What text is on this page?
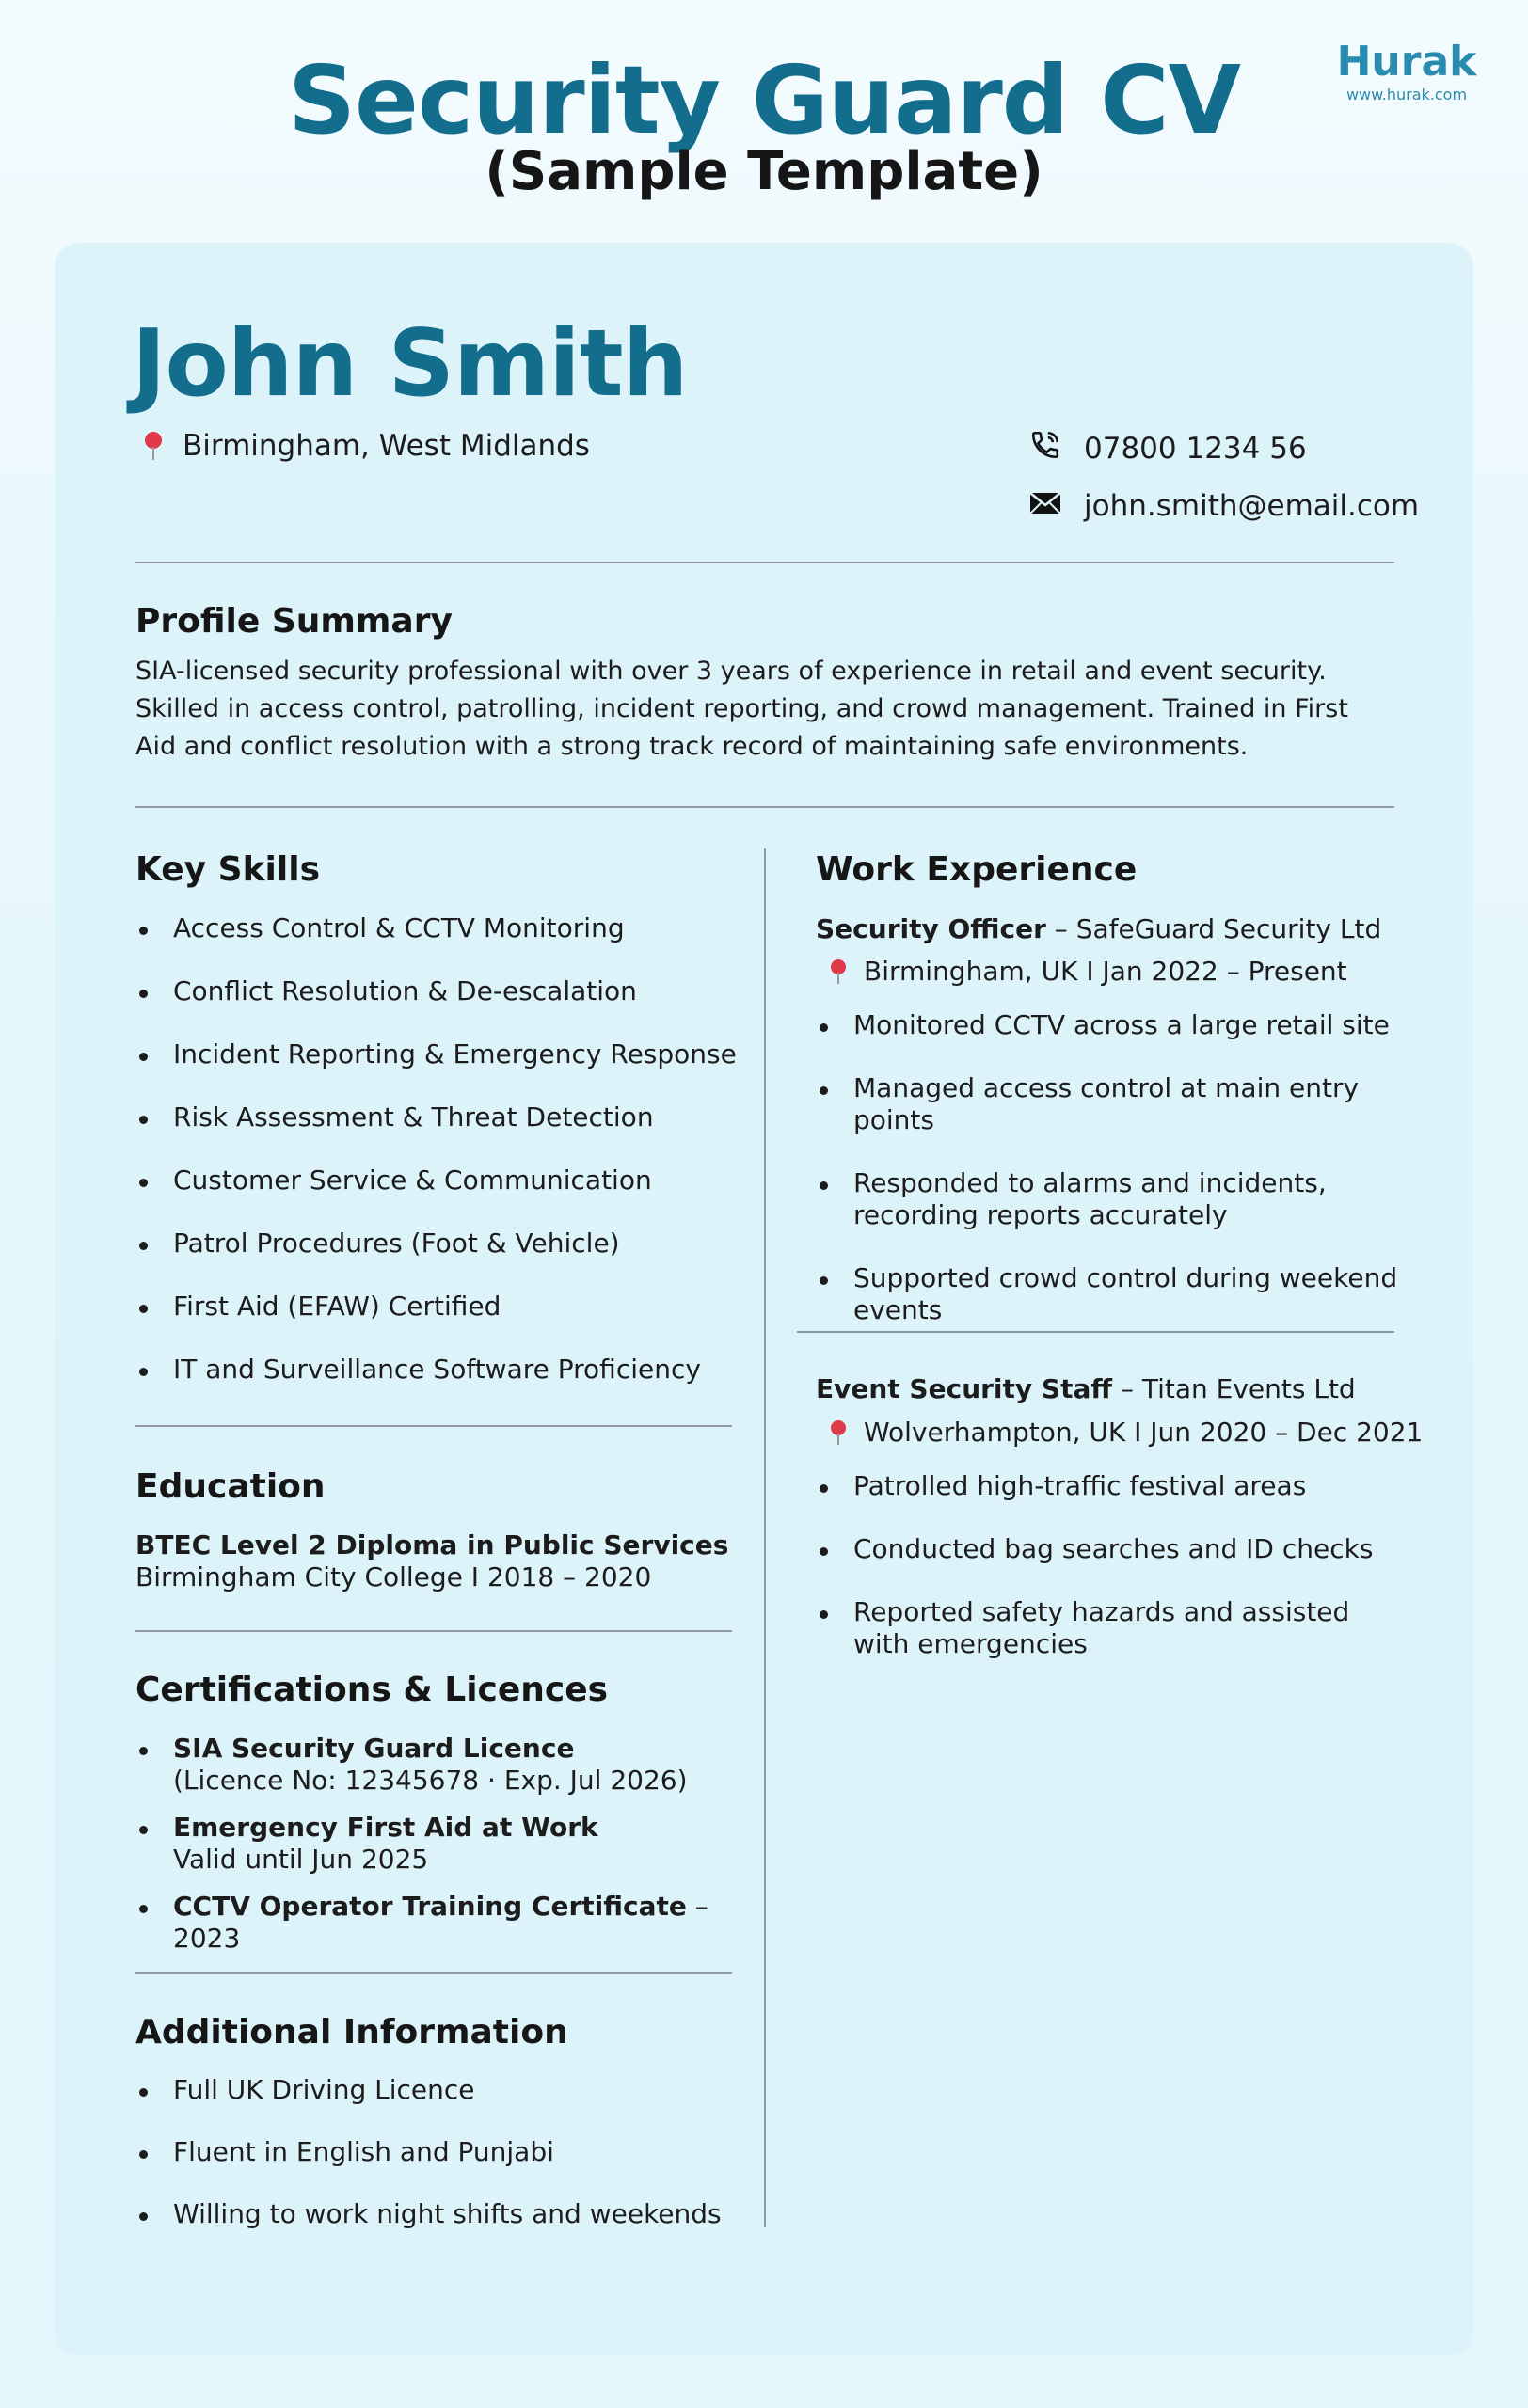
Security Guard CV
(Sample Template)
Hurak
www.hurak.com
John Smith
Birmingham, West Midlands	07800 1234 56
john.smith@email.com
Profile Summary
SIA-licensed security professional with over 3 years of experience in retail and event security. Skilled in access control, patrolling, incident reporting, and crowd management. Trained in First Aid and conflict resolution with a strong track record of maintaining safe environments.
Key Skills
Access Control & CCTV Monitoring
Conflict Resolution & De-escalation
Incident Reporting & Emergency Response
Risk Assessment & Threat Detection
Customer Service & Communication
Patrol Procedures (Foot & Vehicle)
First Aid (EFAW) Certified
IT and Surveillance Software Proficiency
Education
BTEC Level 2 Diploma in Public Services
Birmingham City College I 2018 – 2020
Certifications & Licences
SIA Security Guard Licence
(Licence No: 12345678 · Exp. Jul 2026)
Emergency First Aid at Work
Valid until Jun 2025
CCTV Operator Training Certificate – 2023
Additional Information
Full UK Driving Licence
Fluent in English and Punjabi
Willing to work night shifts and weekends
Work Experience
Security Officer – SafeGuard Security Ltd
Birmingham, UK I Jan 2022 – Present
Monitored CCTV across a large retail site
Managed access control at main entry points
Responded to alarms and incidents, recording reports accurately
Supported crowd control during weekend events
Event Security Staff – Titan Events Ltd
Wolverhampton, UK I Jun 2020 – Dec 2021
Patrolled high-traffic festival areas
Conducted bag searches and ID checks
Reported safety hazards and assisted with emergencies
